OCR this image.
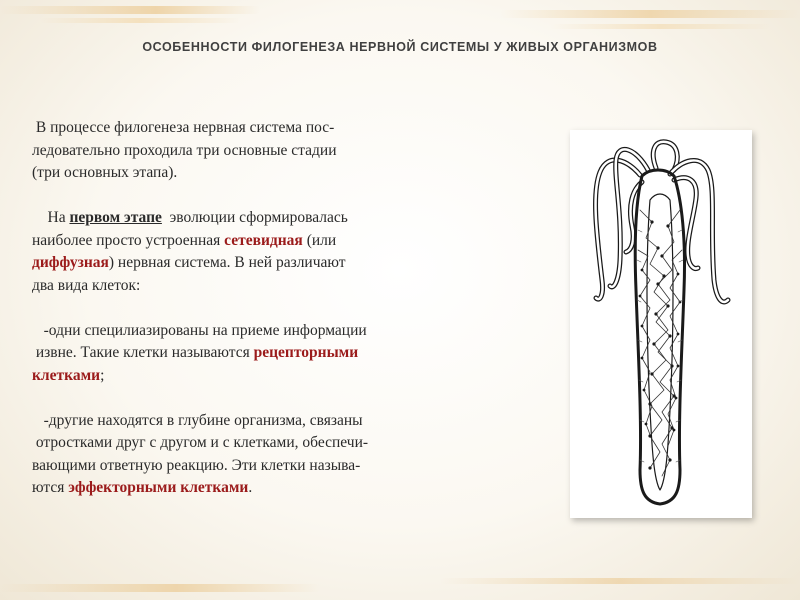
ОСОБЕННОСТИ ФИЛОГЕНЕЗА НЕРВНОЙ СИСТЕМЫ У ЖИВЫХ ОРГАНИЗМОВ

В процессе филогенеза нервная система пос-
ледовательно проходила три основные стадии
(три основных этапа).

На первом этапе  эволюции сформировалась
наиболее просто устроенная сетевидная (или
диффузная) нервная система. В ней различают
два вида клеток:

-одни специлиазированы на приеме информации
извне. Такие клетки называются рецепторными
клетками;

-другие находятся в глубине организма, связаны
отростками друг с другом и с клетками, обеспечи-
вающими ответную реакцию. Эти клетки называ-
ются эффекторными клетками.
